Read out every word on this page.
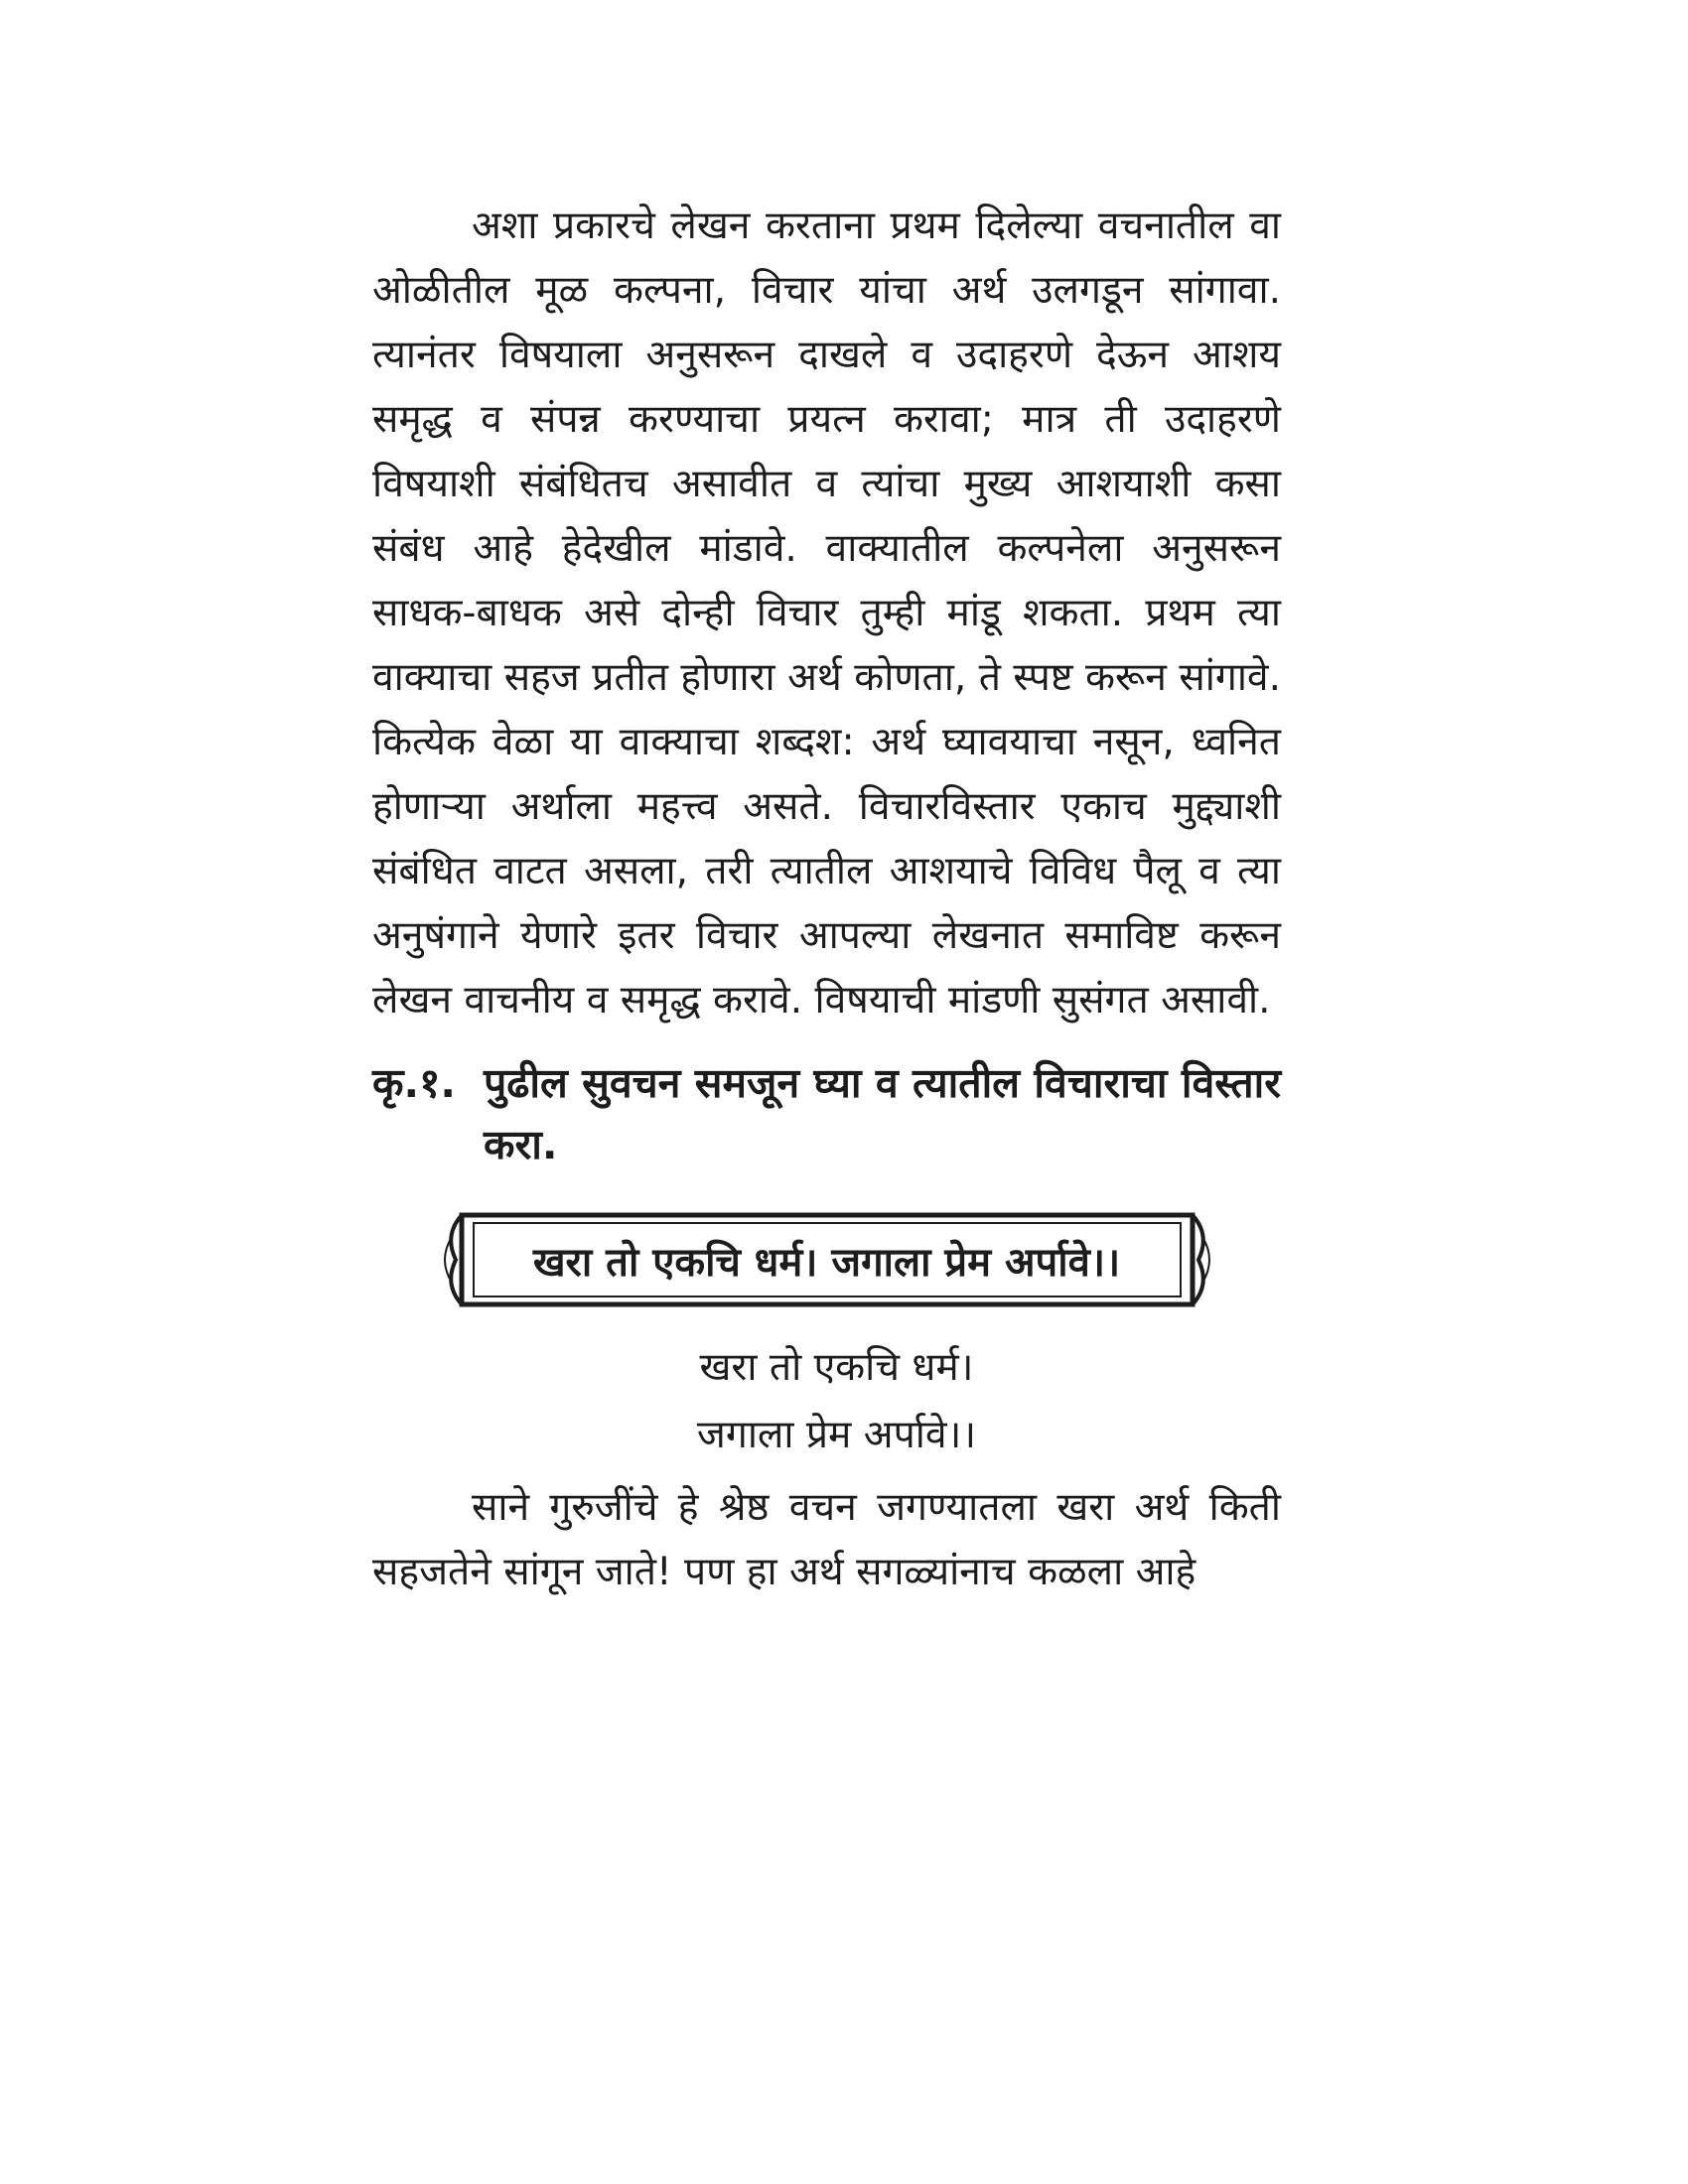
अशा प्रकारचे लेखन करताना प्रथम दिलेल्या वचनातील वा ओळीतील मूळ कल्पना, विचार यांचा अर्थ उलगडून सांगावा. त्यानंतर विषयाला अनुसरून दाखले व उदाहरणे देऊन आशय समृद्ध व संपन्न करण्याचा प्रयत्न करावा; मात्र ती उदाहरणे विषयाशी संबंधितच असावीत व त्यांचा मुख्य आशयाशी कसा संबंध आहे हेदेखील मांडावे. वाक्यातील कल्पनेला अनुसरून साधक-बाधक असे दोन्ही विचार तुम्ही मांडू शकता. प्रथम त्या वाक्याचा सहज प्रतीत होणारा अर्थ कोणता, ते स्पष्ट करून सांगावे. कित्येक वेळा या वाक्याचा शब्दश: अर्थ घ्यावयाचा नसून, ध्वनित होणाऱ्या अर्थाला महत्त्व असते. विचारविस्तार एकाच मुद्द्याशी संबंधित वाटत असला, तरी त्यातील आशयाचे विविध पैलू व त्या अनुषंगाने येणारे इतर विचार आपल्या लेखनात समाविष्ट करून लेखन वाचनीय व समृद्ध करावे. विषयाची मांडणी सुसंगत असावी.

कृ.१. पुढील सुवचन समजून घ्या व त्यातील विचाराचा विस्तार करा.
खरा तो एकचि धर्म। जगाला प्रेम अर्पावे।।
खरा तो एकचि धर्म।
जगाला प्रेम अर्पावे।।

साने गुरुजींचे हे श्रेष्ठ वचन जगण्यातला खरा अर्थ किती सहजतेने सांगून जाते! पण हा अर्थ सगळ्यांनाच कळला आहे
